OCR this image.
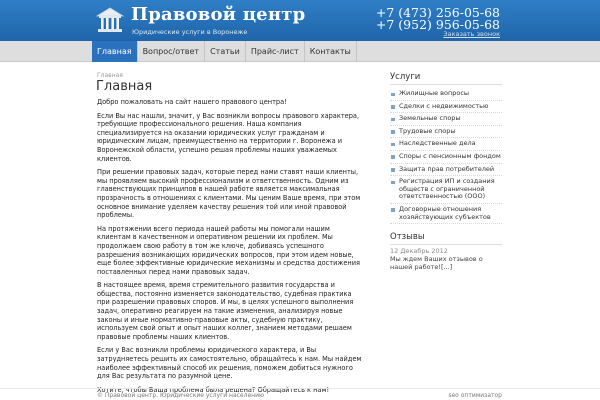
Правовой центр
Юридические услуги в Воронеже
+7 (473) 256-05-68
+7 (952) 956-05-68
Заказать звонок
Главная	Вопрос/ответ	Статьи	Прайс-лист	Контакты
Главная
Главная

Добро пожаловать на сайт нашего правового центра!

Если Вы нас нашли, значит, у Вас возникли вопросы правового характера, требующие профессионального решения. Наша компания специализируется на оказании юридических услуг гражданам и юридическим лицам, преимущественно на территории г. Воронежа и Воронежской области, успешно решая проблемы наших уважаемых клиентов.

При решении правовых задач, которые перед нами ставят наши клиенты, мы проявляем высокий профессионализм и ответственность. Одним из главенствующих принципов в нашей работе является максимальная прозрачность в отношениях с клиентами. Мы ценим Ваше время, при этом основное внимание уделяем качеству решения той или иной правовой проблемы.

На протяжении всего периода нашей работы мы помогали нашим клиентам в качественном и оперативном решении их проблем. Мы продолжаем свою работу в том же ключе, добиваясь успешного разрешения возникающих юридических вопросов, при этом идем новые, еще более эффективные юридические механизмы и средства достижения поставленных перед нами правовых задач.

В настоящее время, время стремительного развития государства и общества, постоянно изменяется законодательство, судебная практика при разрешении правовых споров. И мы, в целях успешного выполнения задач, оперативно реагируем на такие изменения, анализируя новые законы и иные нормативно-правовые акты, судебную практику, используем свой опыт и опыт наших коллег, знанием методами решаем правовые проблемы наших клиентов.

Если у Вас возникли проблемы юридического характера, и Вы затрудняетесь решить их самостоятельно, обращайтесь к нам. Мы найдем наиболее эффективный способ их решения, поможем добиться нужного для Вас результата по разумной цене.

Хотите, чтобы Ваша проблема была решена? Обращайтесь к нам!

Услуги
Жилищные вопросы
Сделки с недвижимостью
Земельные споры
Трудовые споры
Наследственные дела
Споры с пенсионным фондом
Защита прав потребителей
Регистрация ИП и создания обществ с ограниченной ответственностью (ООО)
Договорные отношения хозяйствующих субъектов
Отзывы
12 Декабрь 2012
Мы ждем Ваших отзывов о нашей работе![...]
© Правовой центр. Юридические услуги населению	seo оптимизатор
